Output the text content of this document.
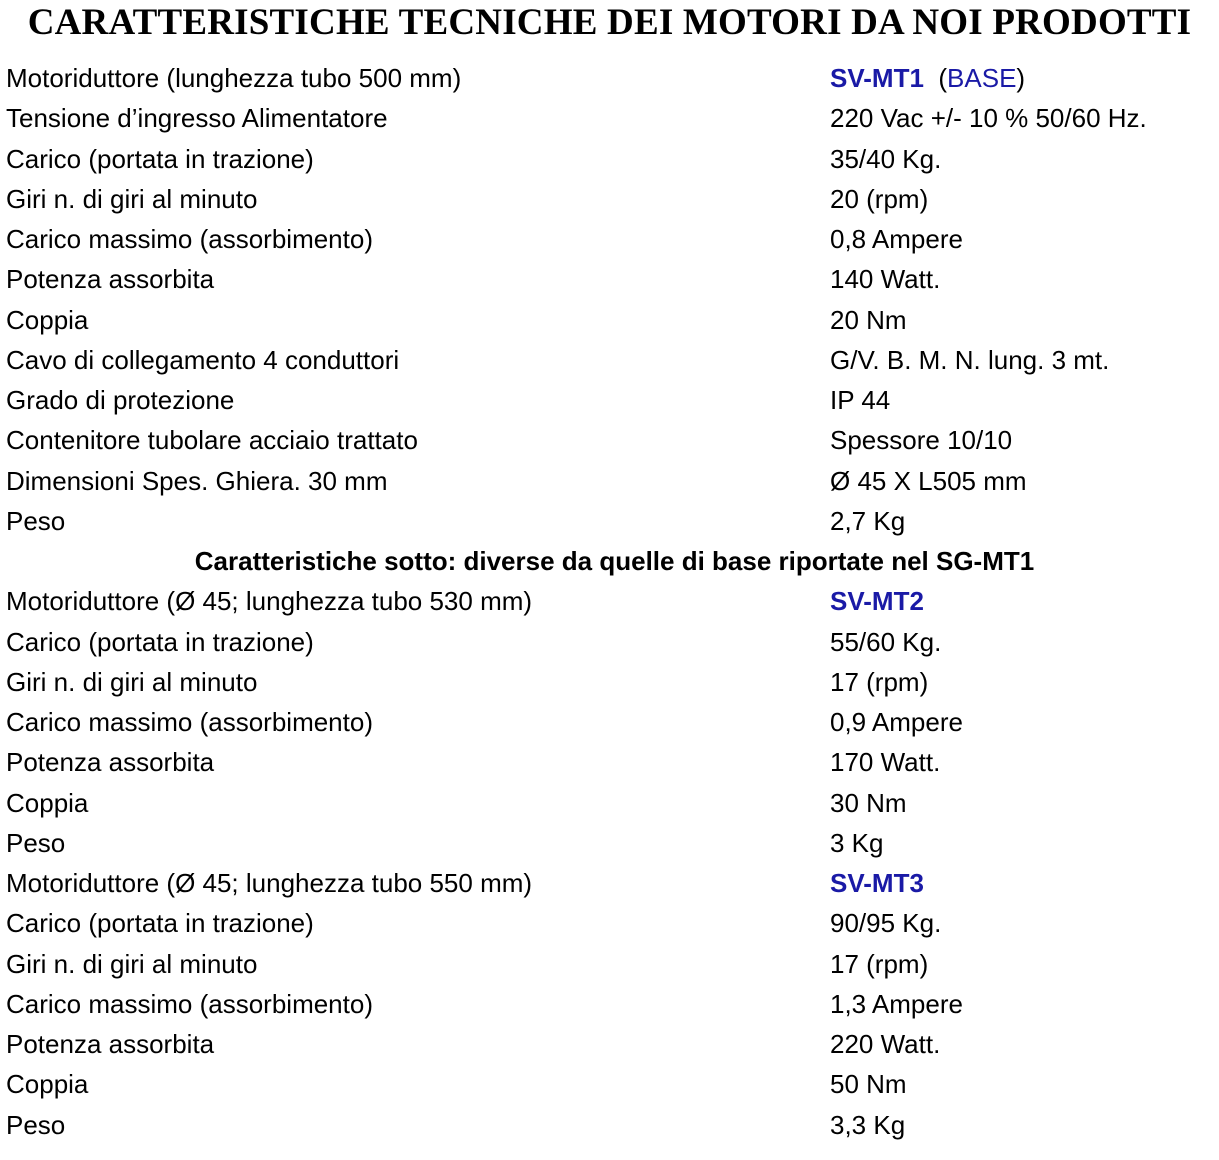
CARATTERISTICHE TECNICHE DEI MOTORI DA NOI PRODOTTI
Motoriduttore (lunghezza tubo 500 mm)	SV-MT1 (BASE)
Tensione d’ingresso Alimentatore	220 Vac +/- 10 % 50/60 Hz.
Carico (portata in trazione)	35/40 Kg.
Giri n. di giri al minuto	20 (rpm)
Carico massimo (assorbimento)	0,8 Ampere
Potenza assorbita	140 Watt.
Coppia	20 Nm
Cavo di collegamento 4 conduttori	G/V. B. M. N. lung. 3 mt.
Grado di protezione	IP 44
Contenitore tubolare acciaio trattato	Spessore 10/10
Dimensioni Spes. Ghiera. 30 mm	Ø 45 X L505 mm
Peso	2,7 Kg
Caratteristiche sotto: diverse da quelle di base riportate nel SG-MT1
Motoriduttore (Ø 45; lunghezza tubo 530 mm)	SV-MT2
Carico (portata in trazione)	55/60 Kg.
Giri n. di giri al minuto	17 (rpm)
Carico massimo (assorbimento)	0,9 Ampere
Potenza assorbita	170 Watt.
Coppia	30 Nm
Peso	3 Kg
Motoriduttore (Ø 45; lunghezza tubo 550 mm)	SV-MT3
Carico (portata in trazione)	90/95 Kg.
Giri n. di giri al minuto	17 (rpm)
Carico massimo (assorbimento)	1,3 Ampere
Potenza assorbita	220 Watt.
Coppia	50 Nm
Peso	3,3 Kg
